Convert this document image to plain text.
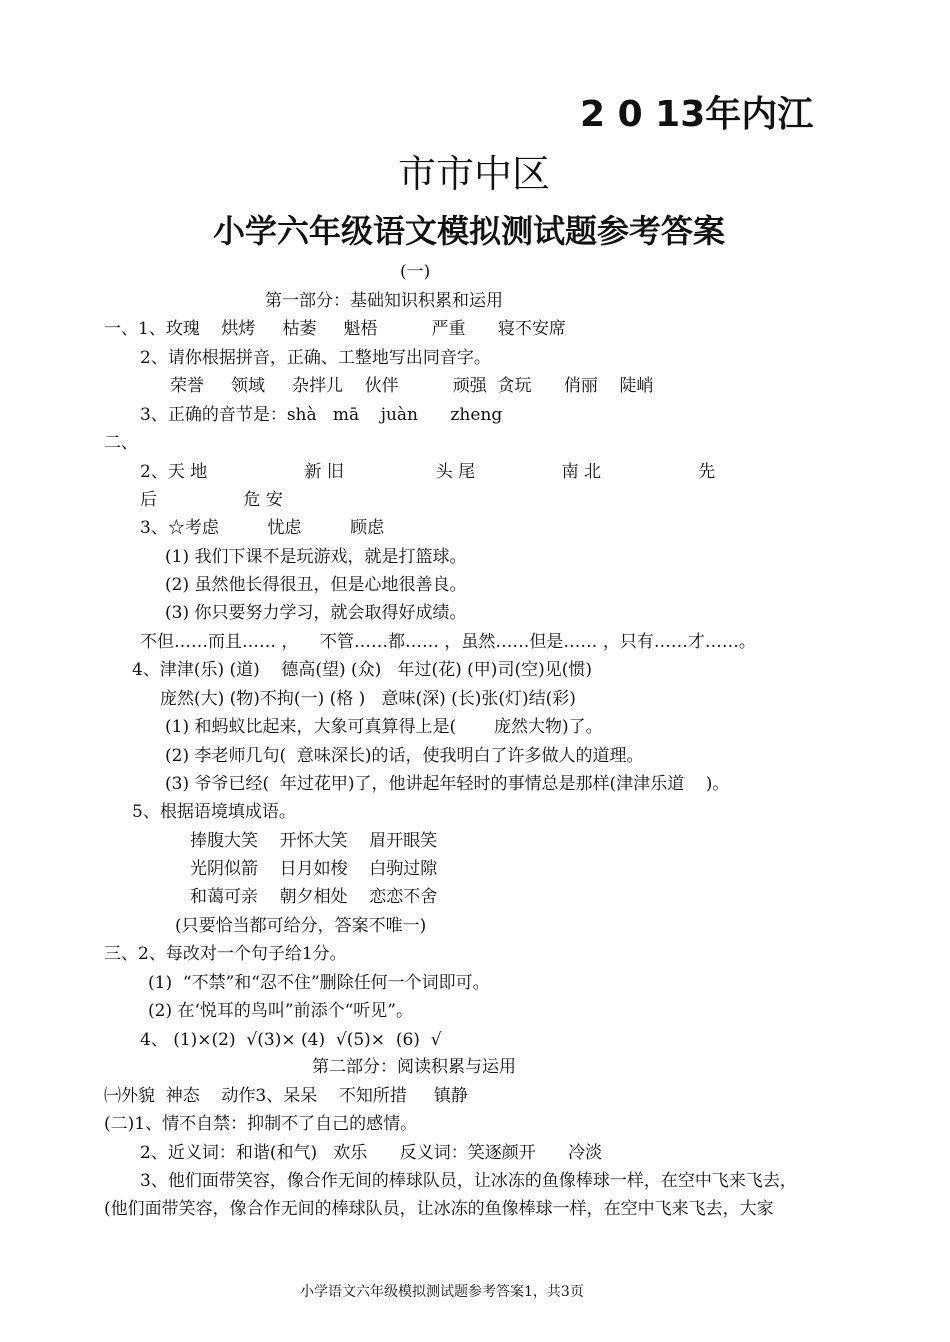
2 0 13年内江
市市中区
小学六年级语文模拟测试题参考答案
(一)
第一部分：基础知识积累和运用
一、1、玫瑰    烘烤     枯萎     魁梧          严重      寝不安席
2、请你根据拼音，正确、工整地写出同音字。
荣誉     领域     杂拌儿    伙伴          顽强  贪玩      俏丽    陡峭
3、正确的音节是：shà   mā    juàn      zheng
二、
2、天 地                  新 旧                 头 尾                南 北                  先
后                危 安
3、☆考虑         忧虑         顾虑
(1) 我们下课不是玩游戏，就是打篮球。
(2) 虽然他长得很丑，但是心地很善良。
(3) 你只要努力学习，就会取得好成绩。
不但……而且…… ，    不管……都…… ，虽然……但是…… ，只有……才……。
4、津津(乐) (道)    德高(望) (众)   年过(花) (甲)司(空)见(惯)
庞然(大) (物)不拘(一) (格 )   意味(深) (长)张(灯)结(彩)
(1) 和蚂蚁比起来，大象可真算得上是(       庞然大物)了。
(2) 李老师几句(  意味深长)的话，使我明白了许多做人的道理。
(3) 爷爷已经(  年过花甲)了，他讲起年轻时的事情总是那样(津津乐道    )。
5、根据语境填成语。
捧腹大笑    开怀大笑    眉开眼笑
光阴似箭    日月如梭    白驹过隙
和蔼可亲    朝夕相处    恋恋不舍
(只要恰当都可给分，答案不唯一)
三、2、每改对一个句子给1分。
(1)  “不禁”和“忍不住”删除任何一个词即可。
(2) 在‘悦耳的鸟叫”前添个“听见”。
4、 (1)×(2)  √(3)× (4)  √(5)×  (6)  √
第二部分：阅读积累与运用
㈠外貌  神态    动作3、呆呆    不知所措     镇静
(二)1、情不自禁：抑制不了自己的感情。
2、近义词：和谐(和气)   欢乐      反义词：笑逐颜开      冷淡
3、他们面带笑容，像合作无间的棒球队员，让冰冻的鱼像棒球一样，在空中飞来飞去，
(他们面带笑容，像合作无间的棒球队员，让冰冻的鱼像棒球一样，在空中飞来飞去，大家
小学语文六年级模拟测试题参考答案1，共3页
